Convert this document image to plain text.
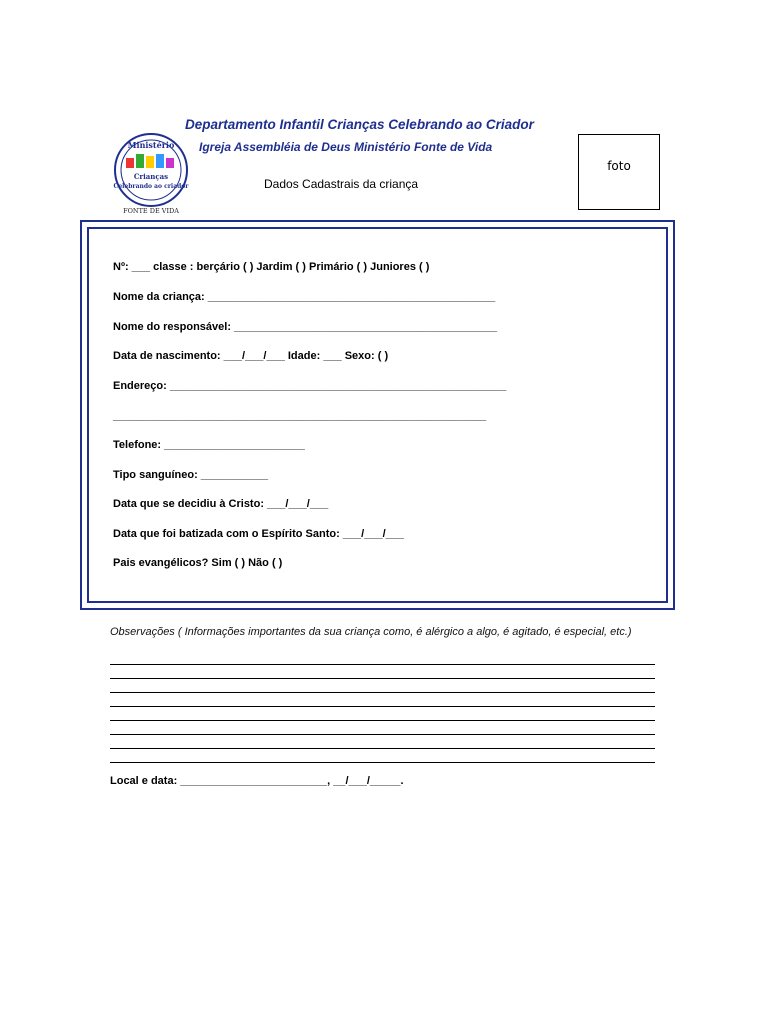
Departamento Infantil Crianças Celebrando ao Criador
Ministério
Crianças
Celebrando ao criador
FONTE DE VIDA
Igreja Assembléia de Deus Ministério Fonte de Vida
Dados Cadastrais da criança
foto
Nº: ___ classe : berçário ( ) Jardim ( ) Primário ( ) Juniores ( )
Nome da criança: _______________________________________________
Nome do responsável: ___________________________________________
Data de nascimento: ___/___/___ Idade: ___ Sexo: ( )
Endereço: _______________________________________________________
_____________________________________________________________
Telefone: _______________________
Tipo sanguíneo: ___________
Data que se decidiu à Cristo: ___/___/___
Data que foi batizada com o Espírito Santo: ___/___/___
Pais evangélicos? Sim ( ) Não ( )
Observações ( Informações importantes da sua criança como, é alérgico a algo, é agitado, é especial, etc.)
Local e data: ________________________, __/___/_____.
